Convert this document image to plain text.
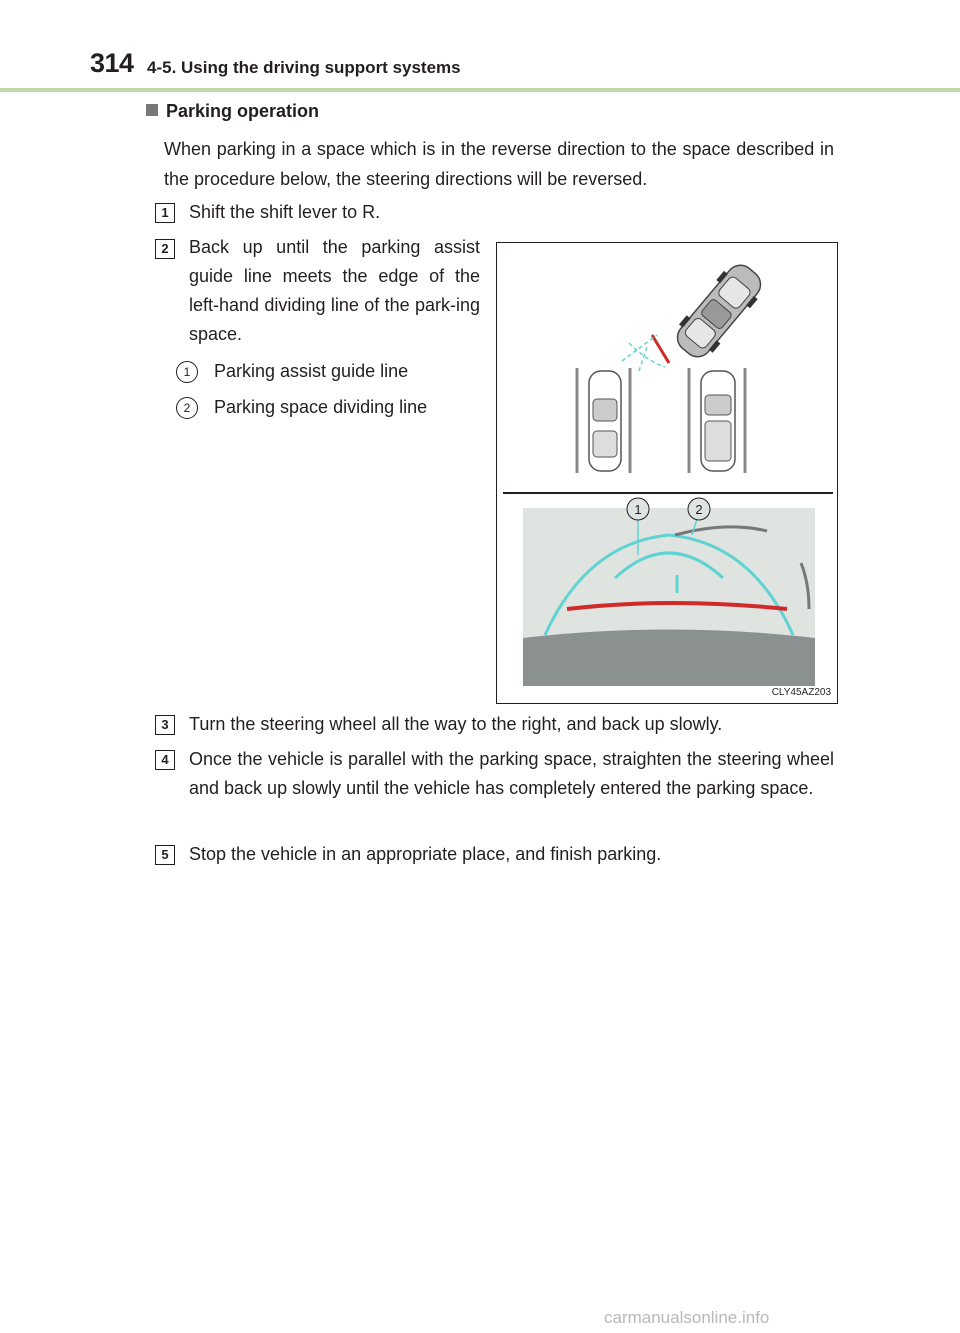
314 4-5. Using the driving support systems
Parking operation
When parking in a space which is in the reverse direction to the space described in the procedure below, the steering directions will be reversed.
1	Shift the shift lever to R.
2	Back up until the parking assist guide line meets the edge of the left-hand dividing line of the park-ing space.
1	Parking assist guide line
2	Parking space dividing line
1	2
CLY45AZ203
3	Turn the steering wheel all the way to the right, and back up slowly.
4	Once the vehicle is parallel with the parking space, straighten the steering wheel and back up slowly until the vehicle has completely entered the parking space.
5	Stop the vehicle in an appropriate place, and finish parking.
carmanualsonline.info
